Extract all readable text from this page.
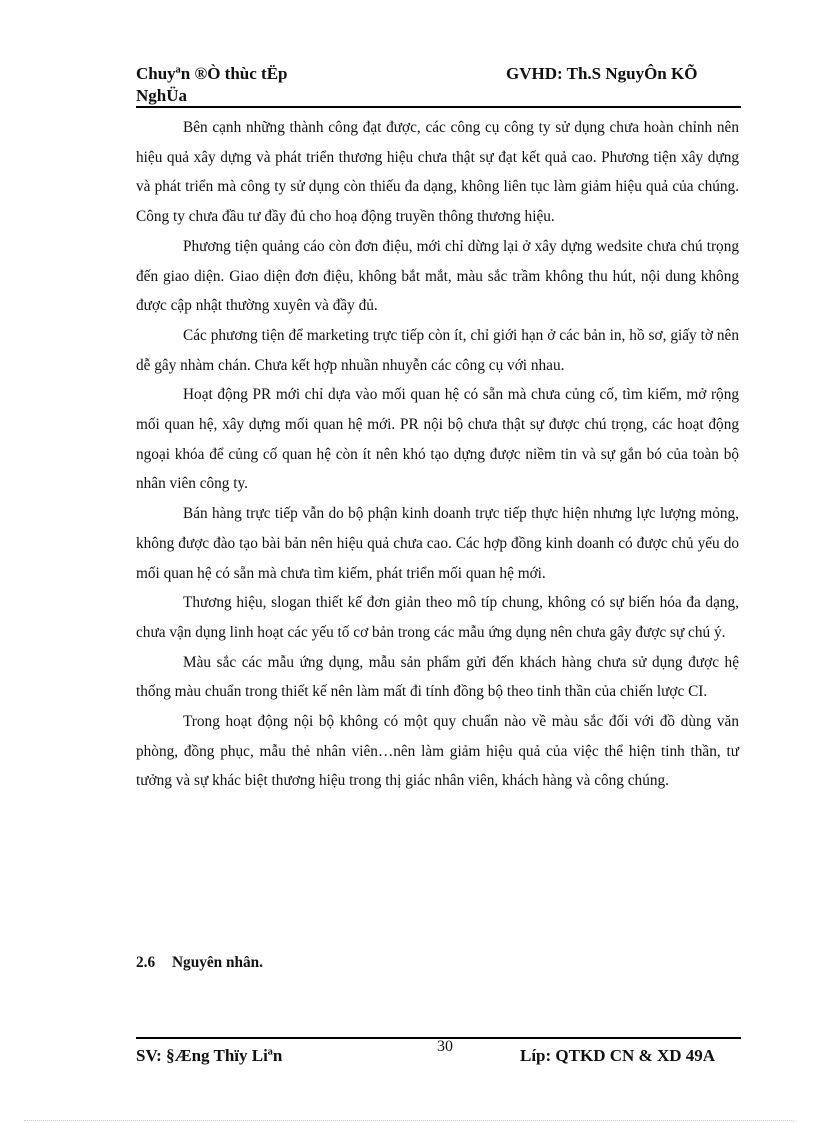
Chuyªn ®Ò thùc tËp
NghÜa
GVHD: Th.S NguyÔn KÕ

Bên cạnh những thành công đạt được, các công cụ công ty sử dụng chưa hoàn chỉnh nên hiệu quả xây dựng và phát triển thương hiệu chưa thật sự đạt kết quả cao. Phương tiện xây dựng và phát triển mà công ty sử dụng còn thiếu đa dạng, không liên tục làm giảm hiệu quả của chúng. Công ty chưa đầu tư đầy đủ cho hoạ động truyền thông thương hiệu.

Phương tiện quảng cáo còn đơn điệu, mới chỉ dừng lại ở xây dựng wedsite chưa chú trọng đến giao diện. Giao diện đơn điệu, không bắt mắt, màu sắc trầm không thu hút, nội dung không được cập nhật thường xuyên và đầy đủ.

Các phương tiện để marketing trực tiếp còn ít, chỉ giới hạn ở các bản in, hồ sơ, giấy tờ nên dễ gây nhàm chán. Chưa kết hợp nhuần nhuyễn các công cụ với nhau.

Hoạt động PR mới chỉ dựa vào mối quan hệ có sẵn mà chưa củng cố, tìm kiếm, mở rộng mối quan hệ, xây dựng mối quan hệ mới. PR nội bộ chưa thật sự được chú trọng, các hoạt động ngoại khóa để củng cố quan hệ còn ít nên khó tạo dựng được niềm tin và sự gắn bó của toàn bộ nhân viên công ty.

Bán hàng trực tiếp vẫn do bộ phận kinh doanh trực tiếp thực hiện nhưng lực lượng mỏng, không được đào tạo bài bản nên hiệu quả chưa cao. Các hợp đồng kinh doanh có được chủ yếu do mối quan hệ có sẵn mà chưa tìm kiếm, phát triển mối quan hệ mới.

Thương hiệu, slogan thiết kế đơn giản theo mô típ chung, không có sự biến hóa đa dạng, chưa vận dụng linh hoạt các yếu tố cơ bản trong các mẫu ứng dụng nên chưa gây được sự chú ý.

Màu sắc các mẫu ứng dụng, mẫu sản phẩm gửi đến khách hàng chưa sử dụng được hệ thống màu chuẩn trong thiết kế nên làm mất đi tính đồng bộ theo tinh thần của chiến lược CI.

Trong hoạt động nội bộ không có một quy chuẩn nào về màu sắc đối với đồ dùng văn phòng, đồng phục, mẫu thẻ nhân viên…nên làm giảm hiệu quả của việc thể hiện tinh thần, tư tưởng và sự khác biệt thương hiệu trong thị giác nhân viên, khách hàng và công chúng.

2.6 Nguyên nhân.
30
SV: §Æng Thïy Liªn	Líp: QTKD CN & XD 49A
